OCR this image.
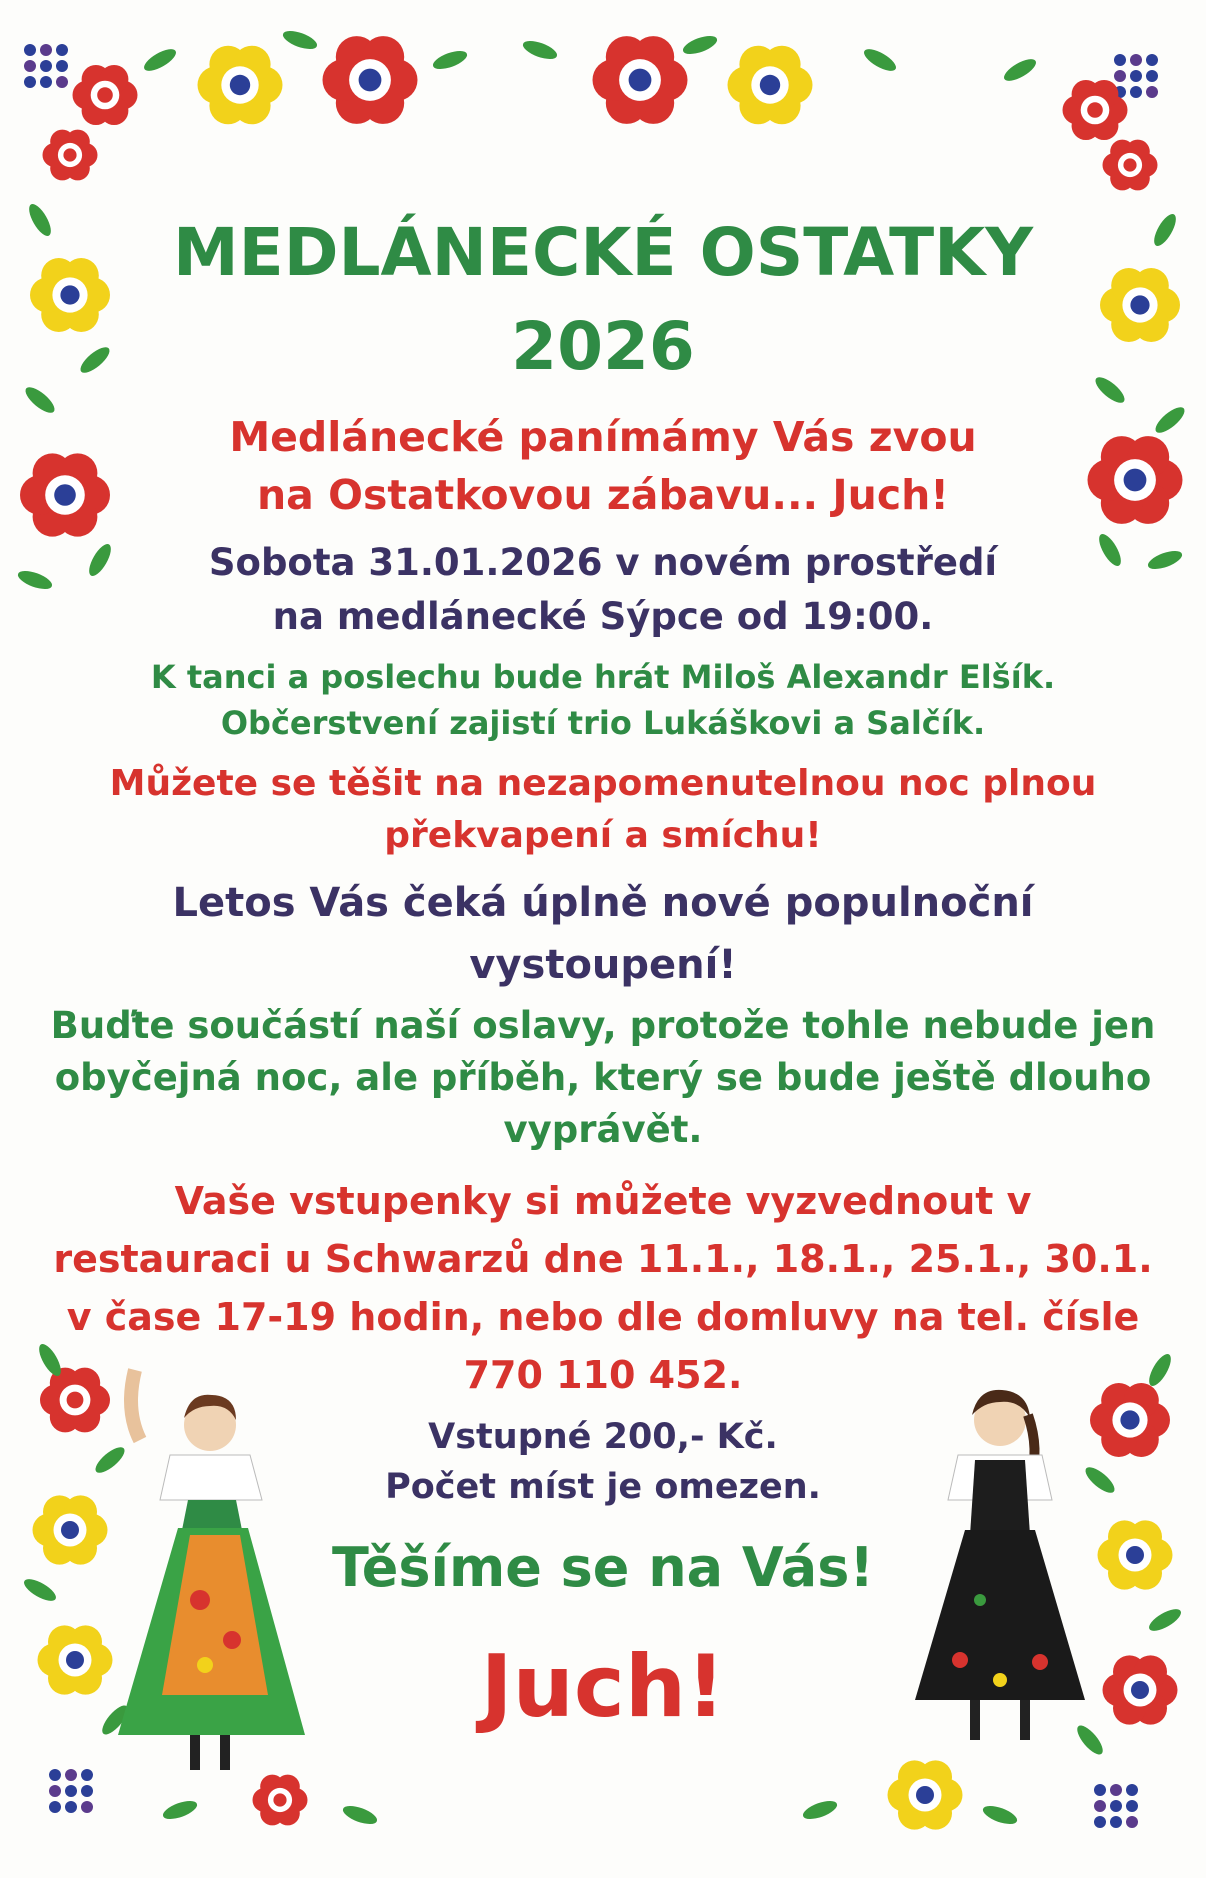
MEDLÁNECKÉ OSTATKY
2026
Medlánecké panímámy Vás zvou
na Ostatkovou zábavu... Juch!
Sobota 31.01.2026 v novém prostředí
na medlánecké Sýpce od 19:00.
K tanci a poslechu bude hrát Miloš Alexandr Elšík.
Občerstvení zajistí trio Lukáškovi a Salčík.
Můžete se těšit na nezapomenutelnou noc plnou
překvapení a smíchu!
Letos Vás čeká úplně nové populnoční
vystoupení!
Buďte součástí naší oslavy, protože tohle nebude jen
obyčejná noc, ale příběh, který se bude ještě dlouho
vyprávět.
Vaše vstupenky si můžete vyzvednout v
restauraci u Schwarzů dne 11.1., 18.1., 25.1., 30.1.
v čase 17-19 hodin, nebo dle domluvy na tel. čísle
770 110 452.
Vstupné 200,- Kč.
Počet míst je omezen.
Těšíme se na Vás!
Juch!
